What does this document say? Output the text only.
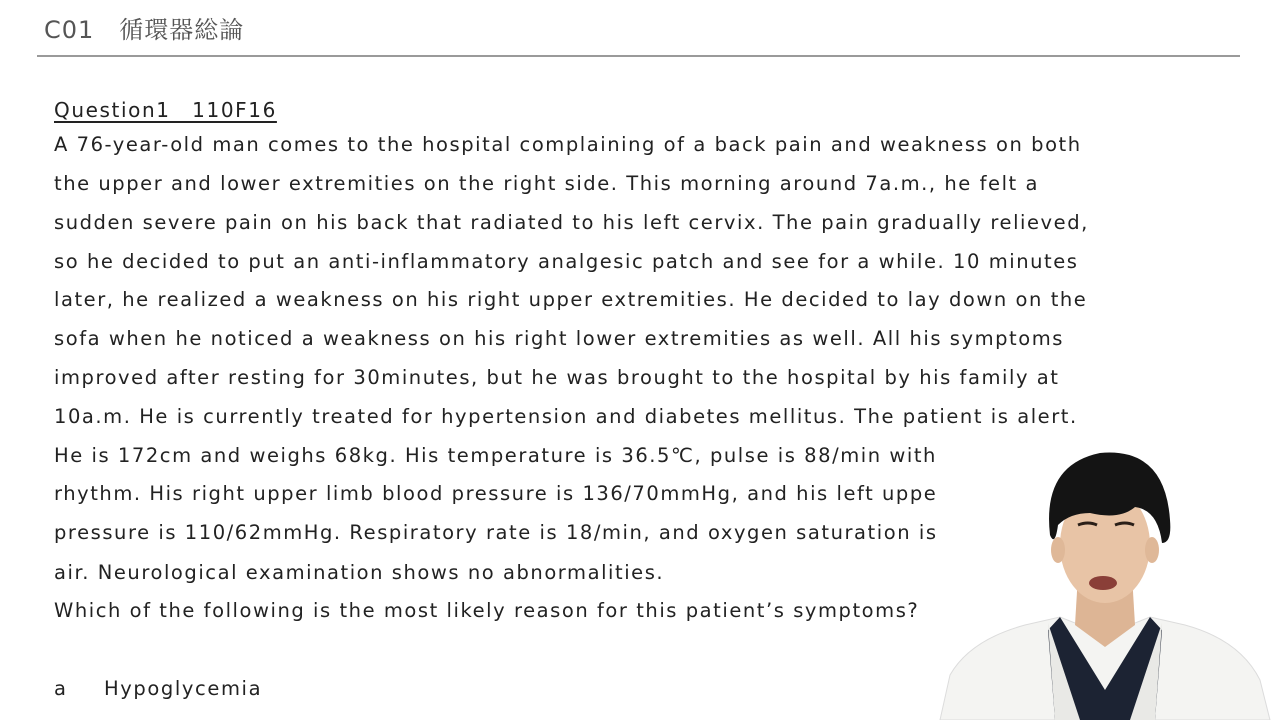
C01　循環器総論
Question1　110F16
A 76-year-old man comes to the hospital complaining of a back pain and weakness on both
the upper and lower extremities on the right side. This morning around 7a.m., he felt a
sudden severe pain on his back that radiated to his left cervix. The pain gradually relieved,
so he decided to put an anti-inflammatory analgesic patch and see for a while. 10 minutes
later, he realized a weakness on his right upper extremities. He decided to lay down on the
sofa when he noticed a weakness on his right lower extremities as well. All his symptoms
improved after resting for 30minutes, but he was brought to the hospital by his family at
10a.m. He is currently treated for hypertension and diabetes mellitus. The patient is alert.
He is 172cm and weighs 68kg. His temperature is 36.5℃, pulse is 88/min with
rhythm. His right upper limb blood pressure is 136/70mmHg, and his left uppe
pressure is 110/62mmHg. Respiratory rate is 18/min, and oxygen saturation is
air. Neurological examination shows no abnormalities.
Which of the following is the most likely reason for this patient’s symptoms?
a Hypoglycemia
